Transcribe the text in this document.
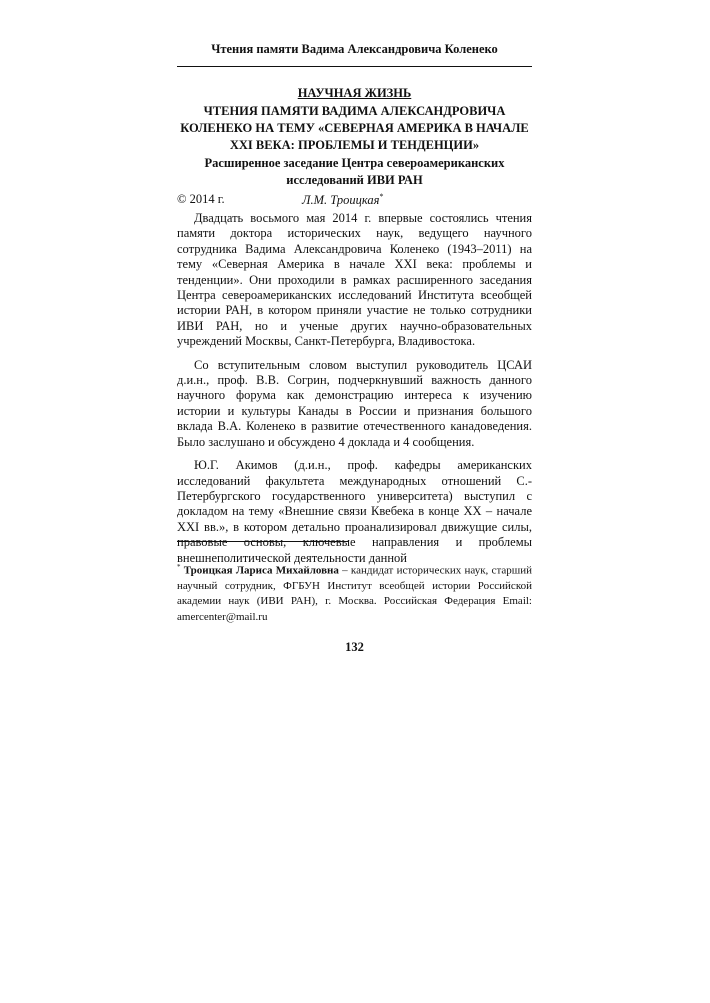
Чтения памяти Вадима Александровича Коленеко
НАУЧНАЯ ЖИЗНЬ
ЧТЕНИЯ ПАМЯТИ ВАДИМА АЛЕКСАНДРОВИЧА
КОЛЕНЕКО НА ТЕМУ «СЕВЕРНАЯ АМЕРИКА В НАЧАЛЕ
XXI ВЕКА: ПРОБЛЕМЫ И ТЕНДЕНЦИИ»
Расширенное заседание Центра североамериканских
исследований ИВИ РАН
© 2014 г.	Л.М. Троицкая*

Двадцать восьмого мая 2014 г. впервые состоялись чтения памяти доктора исторических наук, ведущего научного сотрудника Вадима Александровича Коленеко (1943–2011) на тему «Северная Америка в начале XXI века: проблемы и тенденции». Они проходили в рамках расширенного заседания Центра североамериканских исследований Института всеобщей истории РАН, в котором приняли участие не только сотрудники ИВИ РАН, но и ученые других научно-образовательных учреждений Москвы, Санкт-Петербурга, Владивостока.

Со вступительным словом выступил руководитель ЦСАИ д.и.н., проф. В.В. Согрин, подчеркнувший важность данного научного форума как демонстрацию интереса к изучению истории и культуры Канады в России и признания большого вклада В.А. Коленеко в развитие отечественного канадоведения. Было заслушано и обсуждено 4 доклада и 4 сообщения.

Ю.Г. Акимов (д.и.н., проф. кафедры американских исследований факультета международных отношений С.-Петербургского государственного университета) выступил с докладом на тему «Внешние связи Квебека в конце XX – начале XXI вв.», в котором детально проанализировал движущие силы, правовые основы, ключевые направления и проблемы внешнеполитической деятельности данной

* Троицкая Лариса Михайловна – кандидат исторических наук, старший научный сотрудник, ФГБУН Институт всеобщей истории Российской академии наук (ИВИ РАН), г. Москва. Российская Федерация Email: amercenter@mail.ru

132
